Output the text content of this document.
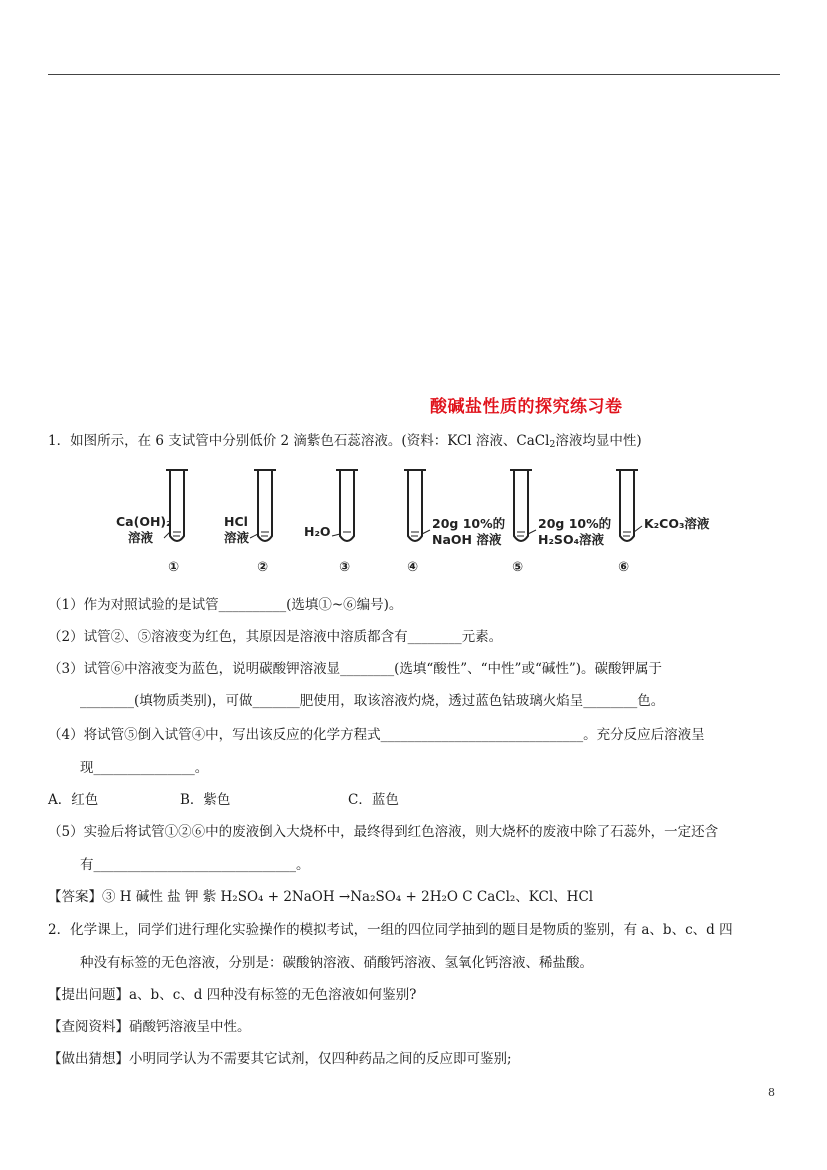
酸碱盐性质的探究练习卷
1．如图所示，在 6 支试管中分别低价 2 滴紫色石蕊溶液。(资料：KCl 溶液、CaCl$_2$溶液均显中性)
Ca(OH)₂
溶液
HCl
溶液	H₂O
20g 10%的
NaOH 溶液
20g 10%的
H₂SO₄溶液
K₂CO₃溶液
①	②	③	④	⑤	⑥
（1）作为对照试验的是试管__________(选填①~⑥编号)。
（2）试管②、⑤溶液变为红色，其原因是溶液中溶质都含有________元素。
（3）试管⑥中溶液变为蓝色，说明碳酸钾溶液显________(选填“酸性”、“中性”或“碱性”)。碳酸钾属于
________(填物质类别)，可做_______肥使用，取该溶液灼烧，透过蓝色钴玻璃火焰呈________色。
（4）将试管⑤倒入试管④中，写出该反应的化学方程式______________________________。充分反应后溶液呈
现_______________。
A．红色	B．紫色	C．蓝色
（5）实验后将试管①②⑥中的废液倒入大烧杯中，最终得到红色溶液，则大烧杯的废液中除了石蕊外，一定还含
有______________________________。
【答案】③ H 碱性 盐 钾 紫 H₂SO₄ + 2NaOH →Na₂SO₄ + 2H₂O C CaCl₂、KCl、HCl
2．化学课上，同学们进行理化实验操作的模拟考试，一组的四位同学抽到的题目是物质的鉴别，有 a、b、c、d 四
种没有标签的无色溶液，分别是：碳酸钠溶液、硝酸钙溶液、氢氧化钙溶液、稀盐酸。
【提出问题】a、b、c、d 四种没有标签的无色溶液如何鉴别?
【查阅资料】硝酸钙溶液呈中性。
【做出猜想】小明同学认为不需要其它试剂，仅四种药品之间的反应即可鉴别;
8
